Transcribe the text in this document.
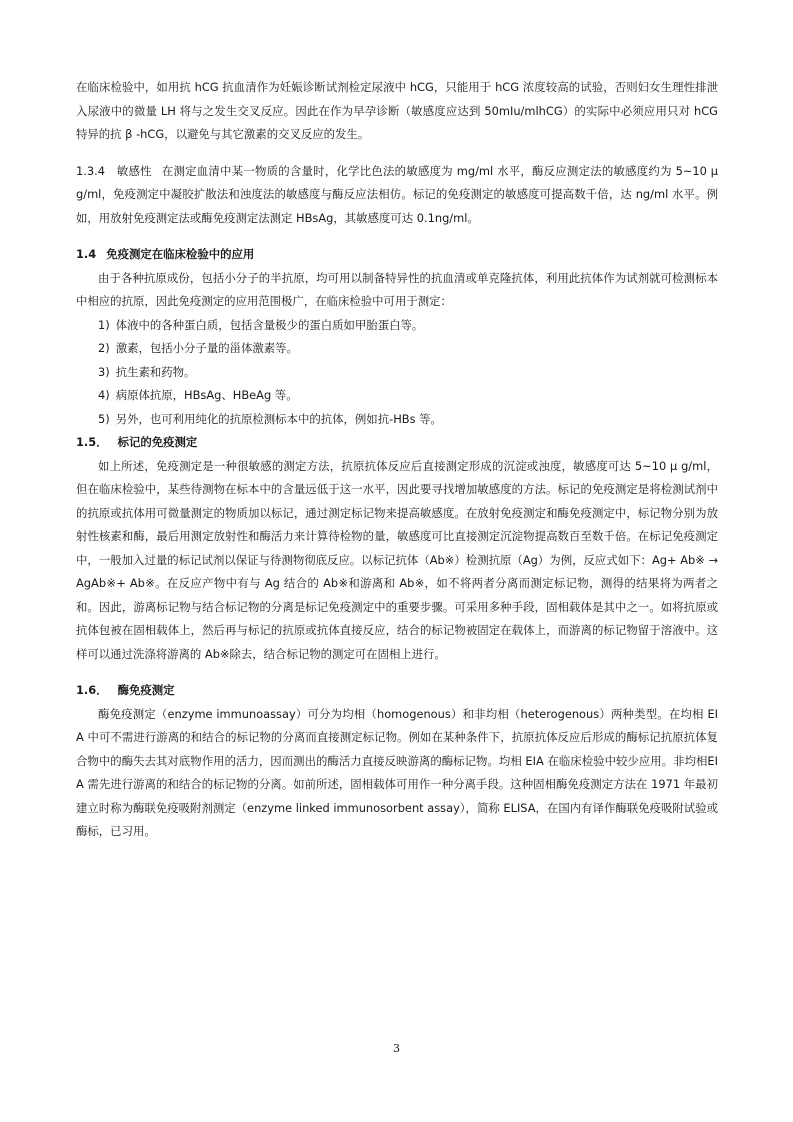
在临床检验中，如用抗 hCG 抗血清作为妊娠诊断试剂检定尿液中 hCG，只能用于 hCG 浓度较高的试验，否则妇女生理性排泄入尿液中的微量 LH 将与之发生交叉反应。因此在作为早孕诊断（敏感度应达到 50mIu/mlhCG）的实际中必须应用只对 hCG 特异的抗 β -hCG，以避免与其它激素的交叉反应的发生。

1.3.4　敏感性 在测定血清中某一物质的含量时，化学比色法的敏感度为 mg/ml 水平，酶反应测定法的敏感度约为 5~10 μ g/ml，免疫测定中凝胶扩散法和浊度法的敏感度与酶反应法相仿。标记的免疫测定的敏感度可提高数千倍，达 ng/ml 水平。例如，用放射免疫测定法或酶免疫测定法测定 HBsAg，其敏感度可达 0.1ng/ml。

1.4 免疫测定在临床检验中的应用

由于各种抗原成份，包括小分子的半抗原，均可用以制备特异性的抗血清或单克隆抗体，利用此抗体作为试剂就可检测标本中相应的抗原，因此免疫测定的应用范围极广，在临床检验中可用于测定：

1) 体液中的各种蛋白质，包括含量极少的蛋白质如甲胎蛋白等。
2) 激素，包括小分子量的甾体激素等。
3) 抗生素和药物。
4) 病原体抗原，HBsAg、HBeAg 等。
5) 另外，也可利用纯化的抗原检测标本中的抗体，例如抗-HBs 等。
1.5． 标记的免疫测定

如上所述，免疫测定是一种很敏感的测定方法，抗原抗体反应后直接测定形成的沉淀或浊度，敏感度可达 5~10 μ g/ml，但在临床检验中，某些待测物在标本中的含量远低于这一水平，因此要寻找增加敏感度的方法。标记的免疫测定是将检测试剂中的抗原或抗体用可微量测定的物质加以标记，通过测定标记物来提高敏感度。在放射免疫测定和酶免疫测定中，标记物分别为放射性核素和酶，最后用测定放射性和酶活力来计算待检物的量，敏感度可比直接测定沉淀物提高数百至数千倍。在标记免疫测定中，一般加入过量的标记试剂以保证与待测物彻底反应。以标记抗体（Ab※）检测抗原（Ag）为例，反应式如下：Ag+ Ab※ → AgAb※+ Ab※。在反应产物中有与 Ag 结合的 Ab※和游离和 Ab※，如不将两者分离而测定标记物，测得的结果将为两者之和。因此，游离标记物与结合标记物的分离是标记免疫测定中的重要步骤。可采用多种手段，固相载体是其中之一。如将抗原或抗体包被在固相载体上，然后再与标记的抗原或抗体直接反应，结合的标记物被固定在载体上，而游离的标记物留于溶液中。这样可以通过洗涤将游离的 Ab※除去，结合标记物的测定可在固相上进行。

1.6． 酶免疫测定

酶免疫测定（enzyme immunoassay）可分为均相（homogenous）和非均相（heterogenous）两种类型。在均相 EIA 中可不需进行游离的和结合的标记物的分离而直接测定标记物。例如在某种条件下，抗原抗体反应后形成的酶标记抗原抗体复合物中的酶失去其对底物作用的活力，因而测出的酶活力直接反映游离的酶标记物。均相 EIA 在临床检验中较少应用。非均相EIA 需先进行游离的和结合的标记物的分离。如前所述，固相载体可用作一种分离手段。这种固相酶免疫测定方法在 1971 年最初建立时称为酶联免疫吸附剂测定（enzyme linked immunosorbent assay），简称 ELISA，在国内有译作酶联免疫吸附试验或酶标，已习用。

3
